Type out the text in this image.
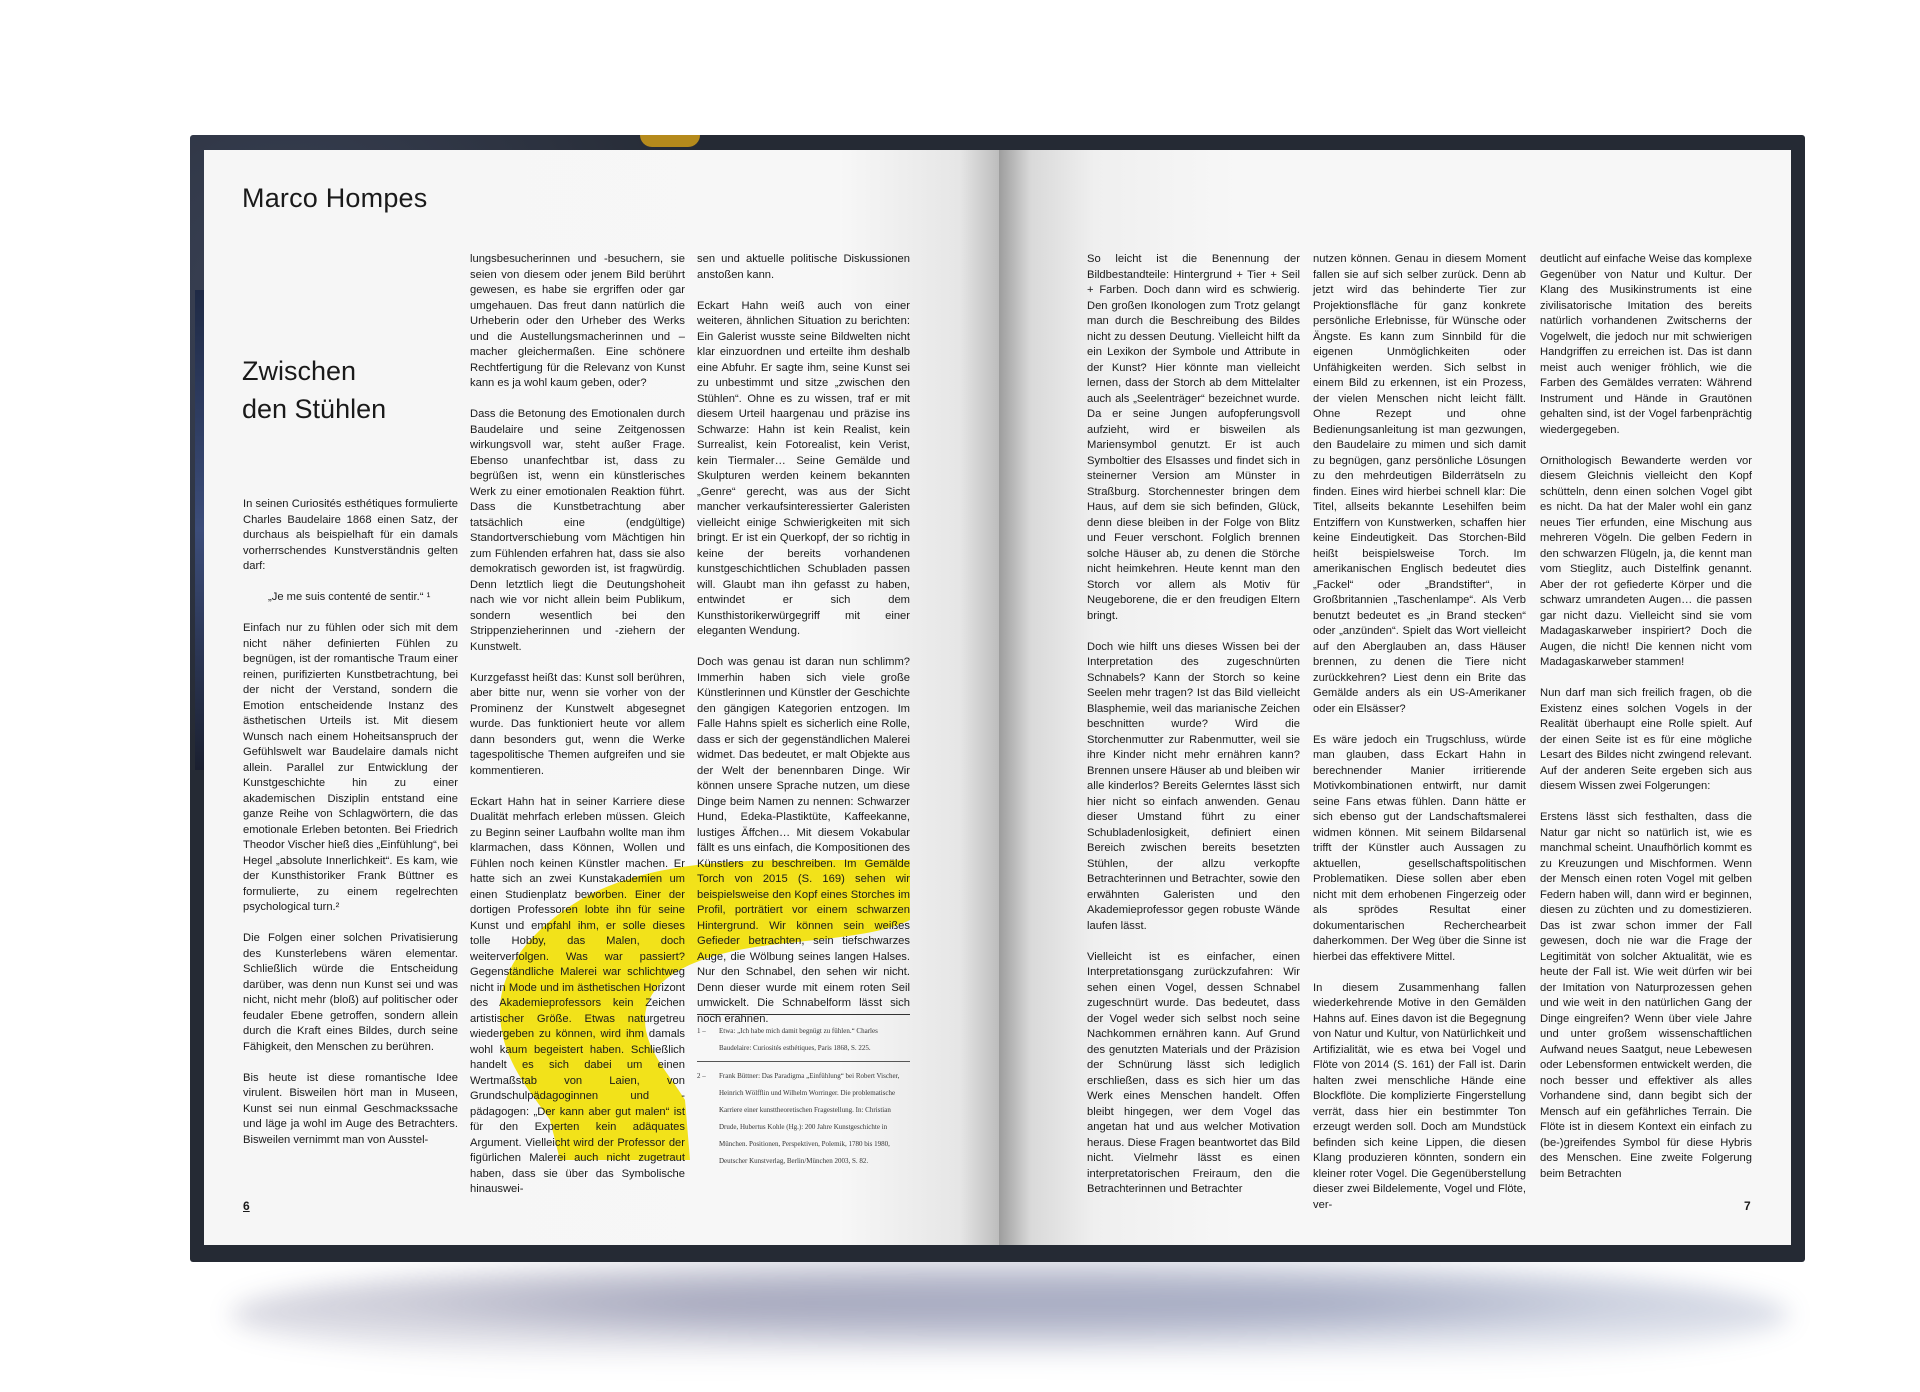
Marco Hompes
Zwischen
den Stühlen

In seinen Curiosités esthétiques formulierte Charles Baudelaire 1868 einen Satz, der durchaus als beispielhaft für ein damals vorherrschendes Kunstverständnis gelten darf:

„Je me suis contenté de sentir.“ ¹

Einfach nur zu fühlen oder sich mit dem nicht näher definierten Fühlen zu begnügen, ist der romantische Traum einer reinen, purifizierten Kunstbetrachtung, bei der nicht der Verstand, sondern die Emotion entscheidende Instanz des ästhetischen Urteils ist. Mit diesem Wunsch nach einem Hoheitsanspruch der Gefühlswelt war Baudelaire damals nicht allein. Parallel zur Entwicklung der Kunstgeschichte hin zu einer akademischen Disziplin entstand eine ganze Reihe von Schlagwörtern, die das emotionale Erleben betonten. Bei Friedrich Theodor Vischer hieß dies „Einfühlung“, bei Hegel „absolute Innerlichkeit“. Es kam, wie der Kunsthistoriker Frank Büttner es formulierte, zu einem regelrechten psychological turn.²

Die Folgen einer solchen Privatisierung des Kunsterlebens wären elementar. Schließlich würde die Entscheidung darüber, was denn nun Kunst sei und was nicht, nicht mehr (bloß) auf politischer oder feudaler Ebene getroffen, sondern allein durch die Kraft eines Bildes, durch seine Fähigkeit, den Menschen zu berühren.

Bis heute ist diese romantische Idee virulent. Bisweilen hört man in Museen, Kunst sei nun einmal Geschmackssache und läge ja wohl im Auge des Betrachters. Bisweilen vernimmt man von Ausstel-

lungsbesucherinnen und -besuchern, sie seien von diesem oder jenem Bild berührt gewesen, es habe sie ergriffen oder gar umgehauen. Das freut dann natürlich die Urheberin oder den Urheber des Werks und die Austellungsmacherinnen und – macher gleichermaßen. Eine schönere Rechtfertigung für die Relevanz von Kunst kann es ja wohl kaum geben, oder?

Dass die Betonung des Emotionalen durch Baudelaire und seine Zeitgenossen wirkungsvoll war, steht außer Frage. Ebenso unanfechtbar ist, dass zu begrüßen ist, wenn ein künstlerisches Werk zu einer emotionalen Reaktion führt. Dass die Kunstbetrachtung aber tatsächlich eine (endgültige) Standortverschiebung vom Mächtigen hin zum Fühlenden erfahren hat, dass sie also demokratisch geworden ist, ist fragwürdig. Denn letztlich liegt die Deutungshoheit nach wie vor nicht allein beim Publikum, sondern wesentlich bei den Strippenzieherinnen und -ziehern der Kunstwelt.

Kurzgefasst heißt das: Kunst soll berühren, aber bitte nur, wenn sie vorher von der Prominenz der Kunstwelt abgesegnet wurde. Das funktioniert heute vor allem dann besonders gut, wenn die Werke tagespolitische Themen aufgreifen und sie kommentieren.

Eckart Hahn hat in seiner Karriere diese Dualität mehrfach erleben müssen. Gleich zu Beginn seiner Laufbahn wollte man ihm klarmachen, dass Können, Wollen und Fühlen noch keinen Künstler machen. Er hatte sich an zwei Kunstakademien um einen Studienplatz beworben. Einer der dortigen Professoren lobte ihn für seine Kunst und empfahl ihm, er solle dieses tolle Hobby, das Malen, doch weiterverfolgen. Was war passiert? Gegenständliche Malerei war schlichtweg nicht in Mode und im ästhetischen Horizont des Akademieprofessors kein Zeichen artistischer Größe. Etwas naturgetreu wiedergeben zu können, wird ihm damals wohl kaum begeistert haben. Schließlich handelt es sich dabei um einen Wertmaßstab von Laien, von Grundschulpädagoginnen und -pädagogen: „Der kann aber gut malen“ ist für den Experten kein adäquates Argument. Vielleicht wird der Professor der figürlichen Malerei auch nicht zugetraut haben, dass sie über das Symbolische hinauswei-

sen und aktuelle politische Diskussionen anstoßen kann.

Eckart Hahn weiß auch von einer weiteren, ähnlichen Situation zu berichten: Ein Galerist wusste seine Bildwelten nicht klar einzuordnen und erteilte ihm deshalb eine Abfuhr. Er sagte ihm, seine Kunst sei zu unbestimmt und sitze „zwischen den Stühlen“. Ohne es zu wissen, traf er mit diesem Urteil haargenau und präzise ins Schwarze: Hahn ist kein Realist, kein Surrealist, kein Fotorealist, kein Verist, kein Tiermaler… Seine Gemälde und Skulpturen werden keinem bekannten „Genre“ gerecht, was aus der Sicht mancher verkaufsinteressierter Galeristen vielleicht einige Schwierigkeiten mit sich bringt. Er ist ein Querkopf, der so richtig in keine der bereits vorhandenen kunstgeschichtlichen Schubladen passen will. Glaubt man ihn gefasst zu haben, entwindet er sich dem Kunsthistorikerwürgegriff mit einer eleganten Wendung.

Doch was genau ist daran nun schlimm? Immerhin haben sich viele große Künstlerinnen und Künstler der Geschichte den gängigen Kategorien entzogen. Im Falle Hahns spielt es sicherlich eine Rolle, dass er sich der gegenständlichen Malerei widmet. Das bedeutet, er malt Objekte aus der Welt der benennbaren Dinge. Wir können unsere Sprache nutzen, um diese Dinge beim Namen zu nennen: Schwarzer Hund, Edeka-Plastiktüte, Kaffeekanne, lustiges Äffchen… Mit diesem Vokabular fällt es uns einfach, die Kompositionen des Künstlers zu beschreiben. Im Gemälde Torch von 2015 (S. 169) sehen wir beispielsweise den Kopf eines Storches im Profil, porträtiert vor einem schwarzen Hintergrund. Wir können sein weißes Gefieder betrachten, sein tiefschwarzes Auge, die Wölbung seines langen Halses. Nur den Schnabel, den sehen wir nicht. Denn dieser wurde mit einem roten Seil umwickelt. Die Schnabelform lässt sich noch erahnen.

1 –	Etwa: „Ich habe mich damit begnügt zu fühlen.“ Charles Baudelaire: Curiosités esthétiques, Paris 1868, S. 225.
2 –	Frank Büttner: Das Paradigma „Einfühlung“ bei Robert Vischer, Heinrich Wölfflin und Wilhelm Worringer. Die problematische Karriere einer kunsttheoretischen Fragestellung. In: Christian Drude, Hubertus Kohle (Hg.): 200 Jahre Kunstgeschichte in München. Positionen, Perspektiven, Polemik, 1780 bis 1980, Deutscher Kunstverlag, Berlin/München 2003, S. 82.

So leicht ist die Benennung der Bildbestandteile: Hintergrund + Tier + Seil + Farben. Doch dann wird es schwierig. Den großen Ikonologen zum Trotz gelangt man durch die Beschreibung des Bildes nicht zu dessen Deutung. Vielleicht hilft da ein Lexikon der Symbole und Attribute in der Kunst? Hier könnte man vielleicht lernen, dass der Storch ab dem Mittelalter auch als „Seelenträger“ bezeichnet wurde. Da er seine Jungen aufopferungsvoll aufzieht, wird er bisweilen als Mariensymbol genutzt. Er ist auch Symboltier des Elsasses und findet sich in steinerner Version am Münster in Straßburg. Storchennester bringen dem Haus, auf dem sie sich befinden, Glück, denn diese bleiben in der Folge von Blitz und Feuer verschont. Folglich brennen solche Häuser ab, zu denen die Störche nicht heimkehren. Heute kennt man den Storch vor allem als Motiv für Neugeborene, die er den freudigen Eltern bringt.

Doch wie hilft uns dieses Wissen bei der Interpretation des zugeschnürten Schnabels? Kann der Storch so keine Seelen mehr tragen? Ist das Bild vielleicht Blasphemie, weil das marianische Zeichen beschnitten wurde? Wird die Storchenmutter zur Rabenmutter, weil sie ihre Kinder nicht mehr ernähren kann? Brennen unsere Häuser ab und bleiben wir alle kinderlos? Bereits Gelerntes lässt sich hier nicht so einfach anwenden. Genau dieser Umstand führt zu einer Schubladenlosigkeit, definiert einen Bereich zwischen bereits besetzten Stühlen, der allzu verkopfte Betrachterinnen und Betrachter, sowie den erwähnten Galeristen und den Akademieprofessor gegen robuste Wände laufen lässt.

Vielleicht ist es einfacher, einen Interpretationsgang zurückzufahren: Wir sehen einen Vogel, dessen Schnabel zugeschnürt wurde. Das bedeutet, dass der Vogel weder sich selbst noch seine Nachkommen ernähren kann. Auf Grund des genutzten Materials und der Präzision der Schnürung lässt sich lediglich erschließen, dass es sich hier um das Werk eines Menschen handelt. Offen bleibt hingegen, wer dem Vogel das angetan hat und aus welcher Motivation heraus. Diese Fragen beantwortet das Bild nicht. Vielmehr lässt es einen interpretatorischen Freiraum, den die Betrachterinnen und Betrachter

nutzen können. Genau in diesem Moment fallen sie auf sich selber zurück. Denn ab jetzt wird das behinderte Tier zur Projektionsfläche für ganz konkrete persönliche Erlebnisse, für Wünsche oder Ängste. Es kann zum Sinnbild für die eigenen Unmöglichkeiten oder Unfähigkeiten werden. Sich selbst in einem Bild zu erkennen, ist ein Prozess, der vielen Menschen nicht leicht fällt. Ohne Rezept und ohne Bedienungsanleitung ist man gezwungen, den Baudelaire zu mimen und sich damit zu begnügen, ganz persönliche Lösungen zu den mehrdeutigen Bilderrätseln zu finden. Eines wird hierbei schnell klar: Die Titel, allseits bekannte Lesehilfen beim Entziffern von Kunstwerken, schaffen hier keine Eindeutigkeit. Das Storchen-Bild heißt beispielsweise Torch. Im amerikanischen Englisch bedeutet dies „Fackel“ oder „Brandstifter“, in Großbritannien „Taschenlampe“. Als Verb benutzt bedeutet es „in Brand stecken“ oder „anzünden“. Spielt das Wort vielleicht auf den Aberglauben an, dass Häuser brennen, zu denen die Tiere nicht zurückkehren? Liest denn ein Brite das Gemälde anders als ein US-Amerikaner oder ein Elsässer?

Es wäre jedoch ein Trugschluss, würde man glauben, dass Eckart Hahn in berechnender Manier irritierende Motivkombinationen entwirft, nur damit seine Fans etwas fühlen. Dann hätte er sich ebenso gut der Landschaftsmalerei widmen können. Mit seinem Bildarsenal trifft der Künstler auch Aussagen zu aktuellen, gesellschaftspolitischen Problematiken. Diese sollen aber eben nicht mit dem erhobenen Fingerzeig oder als sprödes Resultat einer dokumentarischen Recherchearbeit daherkommen. Der Weg über die Sinne ist hierbei das effektivere Mittel.

In diesem Zusammenhang fallen wiederkehrende Motive in den Gemälden Hahns auf. Eines davon ist die Begegnung von Natur und Kultur, von Natürlichkeit und Artifizialität, wie es etwa bei Vogel und Flöte von 2014 (S. 161) der Fall ist. Darin halten zwei menschliche Hände eine Blockflöte. Die komplizierte Fingerstellung verrät, dass hier ein bestimmter Ton erzeugt werden soll. Doch am Mundstück befinden sich keine Lippen, die diesen Klang produzieren könnten, sondern ein kleiner roter Vogel. Die Gegenüberstellung dieser zwei Bildelemente, Vogel und Flöte, ver-

deutlicht auf einfache Weise das komplexe Gegenüber von Natur und Kultur. Der Klang des Musikinstruments ist eine zivilisatorische Imitation des bereits natürlich vorhandenen Zwitscherns der Vogelwelt, die jedoch nur mit schwierigen Handgriffen zu erreichen ist. Das ist dann meist auch weniger fröhlich, wie die Farben des Gemäldes verraten: Während Instrument und Hände in Grautönen gehalten sind, ist der Vogel farbenprächtig wiedergegeben.

Ornithologisch Bewanderte werden vor diesem Gleichnis vielleicht den Kopf schütteln, denn einen solchen Vogel gibt es nicht. Da hat der Maler wohl ein ganz neues Tier erfunden, eine Mischung aus mehreren Vögeln. Die gelben Federn in den schwarzen Flügeln, ja, die kennt man vom Stieglitz, auch Distelfink genannt. Aber der rot gefiederte Körper und die schwarz umrandeten Augen… die passen gar nicht dazu. Vielleicht sind sie vom Madagaskarweber inspiriert? Doch die Augen, die nicht! Die kennen nicht vom Madagaskarweber stammen!

Nun darf man sich freilich fragen, ob die Existenz eines solchen Vogels in der Realität überhaupt eine Rolle spielt. Auf der einen Seite ist es für eine mögliche Lesart des Bildes nicht zwingend relevant. Auf der anderen Seite ergeben sich aus diesem Wissen zwei Folgerungen:

Erstens lässt sich festhalten, dass die Natur gar nicht so natürlich ist, wie es manchmal scheint. Unaufhörlich kommt es zu Kreuzungen und Mischformen. Wenn der Mensch einen roten Vogel mit gelben Federn haben will, dann wird er beginnen, diesen zu züchten und zu domestizieren. Das ist zwar schon immer der Fall gewesen, doch nie war die Frage der Legitimität von solcher Aktualität, wie es heute der Fall ist. Wie weit dürfen wir bei der Imitation von Naturprozessen gehen und wie weit in den natürlichen Gang der Dinge eingreifen? Wenn über viele Jahre und unter großem wissenschaftlichen Aufwand neues Saatgut, neue Lebewesen oder Lebensformen entwickelt werden, die noch besser und effektiver als alles Vorhandene sind, dann begibt sich der Mensch auf ein gefährliches Terrain. Die Flöte ist in diesem Kontext ein einfach zu (be-)greifendes Symbol für diese Hybris des Menschen. Eine zweite Folgerung beim Betrachten

6	7
